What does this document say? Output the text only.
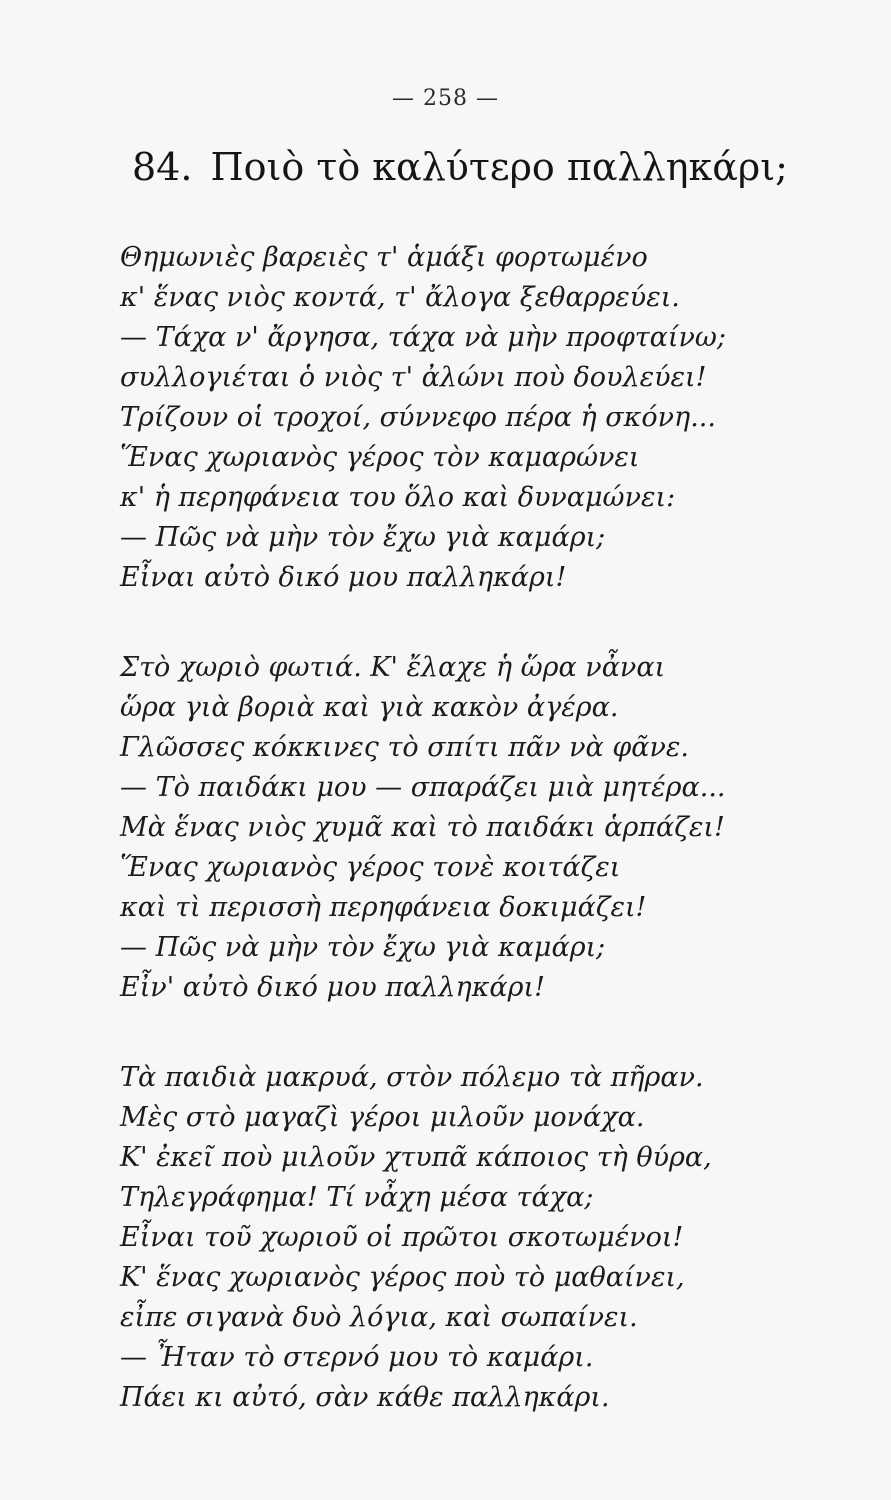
— 258 —
84. Ποιὸ τὸ καλύτερο παλληκάρι;
Θημωνιὲς βαρειὲς τ' ἁμάξι φορτωμένο
κ' ἕνας νιὸς κοντά, τ' ἄλογα ξεθαρρεύει.
— Τάχα ν' ἄργησα, τάχα νὰ μὴν προφταίνω;
συλλογιέται ὁ νιὸς τ' ἀλώνι ποὺ δουλεύει!
Τρίζουν οἱ τροχοί, σύννεφο πέρα ἡ σκόνη...
Ἕνας χωριανὸς γέρος τὸν καμαρώνει
κ' ἡ περηφάνεια του ὅλο καὶ δυναμώνει:
— Πῶς νὰ μὴν τὸν ἔχω γιὰ καμάρι;
Εἶναι αὐτὸ δικό μου παλληκάρι!
Στὸ χωριὸ φωτιά. Κ' ἔλαχε ἡ ὥρα νἆναι
ὥρα γιὰ βοριὰ καὶ γιὰ κακὸν ἀγέρα.
Γλῶσσες κόκκινες τὸ σπίτι πᾶν νὰ φᾶνε.
— Τὸ παιδάκι μου — σπαράζει μιὰ μητέρα...
Μὰ ἕνας νιὸς χυμᾶ καὶ τὸ παιδάκι ἁρπάζει!
Ἕνας χωριανὸς γέρος τονὲ κοιτάζει
καὶ τὶ περισσὴ περηφάνεια δοκιμάζει!
— Πῶς νὰ μὴν τὸν ἔχω γιὰ καμάρι;
Εἶν' αὐτὸ δικό μου παλληκάρι!
Τὰ παιδιὰ μακρυά, στὸν πόλεμο τὰ πῆραν.
Μὲς στὸ μαγαζὶ γέροι μιλοῦν μονάχα.
Κ' ἐκεῖ ποὺ μιλοῦν χτυπᾶ κάποιος τὴ θύρα,
Τηλεγράφημα! Τί νἆχη μέσα τάχα;
Εἶναι τοῦ χωριοῦ οἱ πρῶτοι σκοτωμένοι!
Κ' ἕνας χωριανὸς γέρος ποὺ τὸ μαθαίνει,
εἶπε σιγανὰ δυὸ λόγια, καὶ σωπαίνει.
— Ἦταν τὸ στερνό μου τὸ καμάρι.
Πάει κι αὐτό, σὰν κάθε παλληκάρι.
